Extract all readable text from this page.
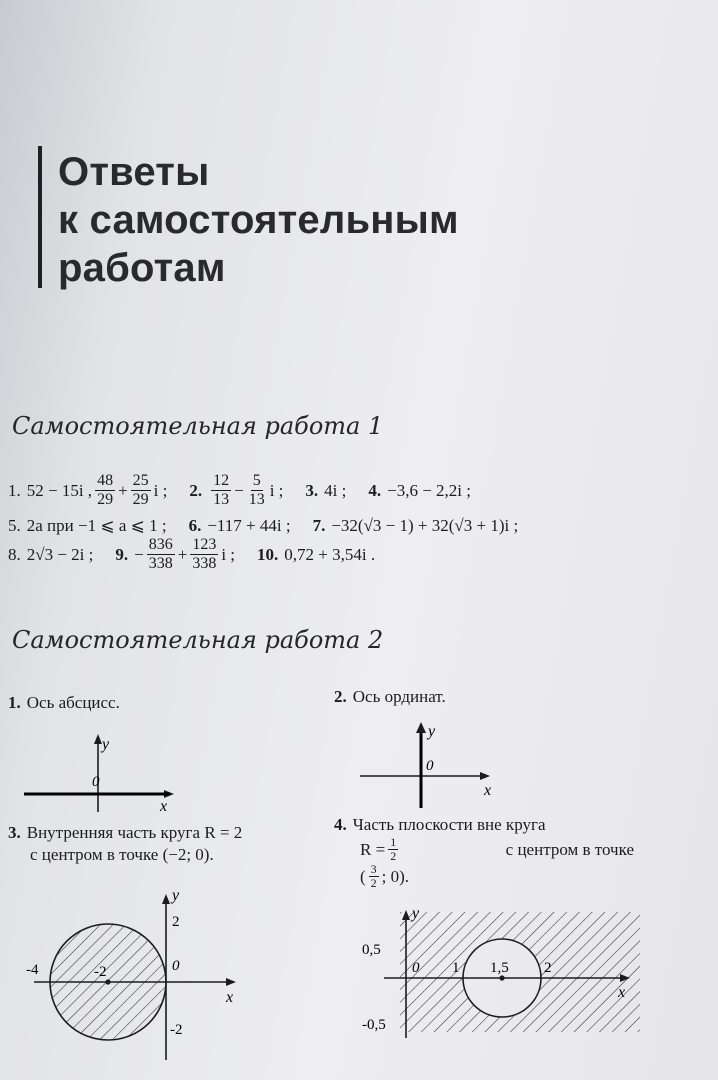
Ответы
к самостоятельным
работам
Самостоятельная работа 1
1. 52 − 15i , $\frac{48}{29} + \frac{25}{29}$ i ; 2. $\frac{12}{13} - \frac{5}{13}$ i ; 3. 4i ; 4. −3,6 − 2,2i ;
5. 2a при −1 ⩽ a ⩽ 1 ; 6. −117 + 44i ; 7. −32(√3 − 1) + 32(√3 + 1)i ;
8. 2√3 − 2i ; 9. − $\frac{836}{338} + \frac{123}{338}$ i ; 10. 0,72 + 3,54i .
Самостоятельная работа 2
1. Ось абсцисс.	2. Ось ординат.
y
x
0
y
x
0
3. Внутренняя часть круга R = 2
с центром в точке (−2; 0).
4. Часть плоскости вне круга
$R = \frac{1}{2}$	с центром в точке
( $\frac{3}{2}$ ; 0).
y
x
0
2
-2
-4	-2
y
x
0 1 1,5 2
0,5
-0,5
